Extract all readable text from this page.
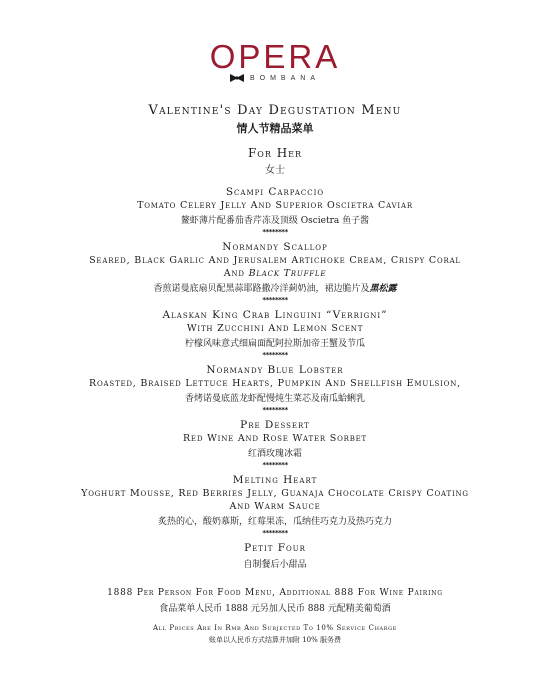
OPERA
BOMBANA
Valentine's Day Degustation Menu
情人节精品菜单
For Her
女士
Scampi Carpaccio
Tomato Celery Jelly And Superior Oscietra Caviar
鳌虾薄片配番茄香芹冻及顶级 Oscietra 鱼子酱
********
Normandy Scallop
Seared, Black Garlic And Jerusalem Artichoke Cream, Crispy Coral
And Black Truffle
香煎诺曼底扇贝配黑蒜耶路撒冷洋蓟奶油，裙边脆片及黑松露
********
Alaskan King Crab Linguini “Verrigni”
With Zucchini And Lemon Scent
柠檬风味意式细扁面配阿拉斯加帝王蟹及节瓜
********
Normandy Blue Lobster
Roasted, Braised Lettuce Hearts, Pumpkin And Shellfish Emulsion,
香烤诺曼底蓝龙虾配慢炖生菜芯及南瓜蛤蜊乳
********
Pre Dessert
Red Wine And Rose Water Sorbet
红酒玫瑰冰霜
********
Melting Heart
Yoghurt Mousse, Red Berries Jelly, Guanaja Chocolate Crispy Coating
And Warm Sauce
炙热的心，酸奶慕斯，红莓果冻，瓜纳佳巧克力及热巧克力
********
Petit Four
自制餐后小甜品
1888 Per Person For Food Menu, Additional 888 For Wine Pairing
食品菜单人民币 1888 元另加人民币 888 元配精美葡萄酒
All Prices Are In Rmb And Subjected To 10% Service Charge
账单以人民币方式结算并加附 10% 服务费
